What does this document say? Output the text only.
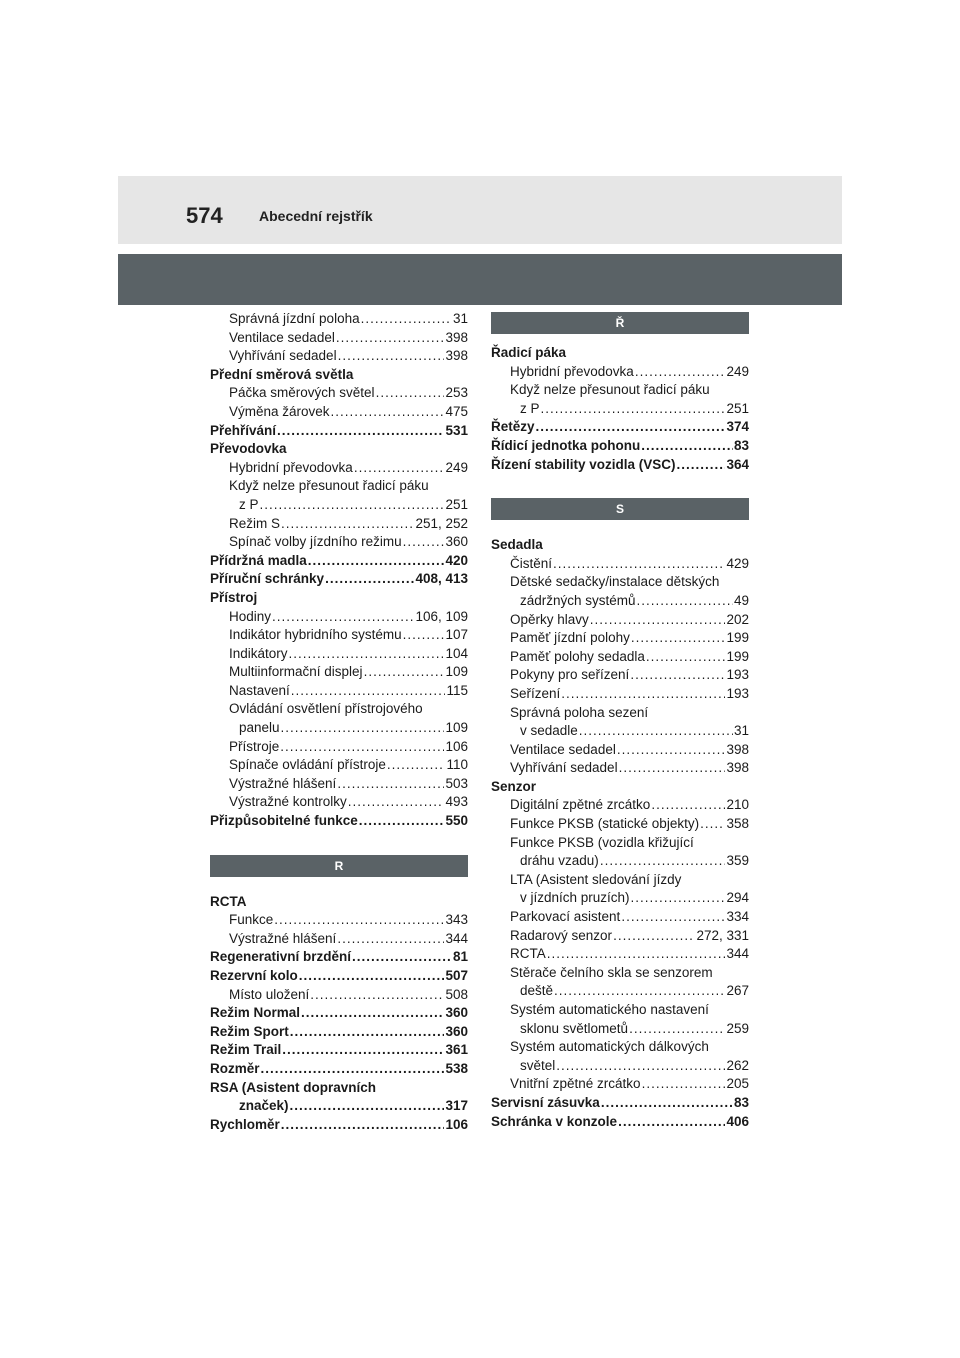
574	Abecední rejstřík
Správná jízdní poloha .....	31
Ventilace sedadel .....	398
Vyhřívání sedadel .....	398
Přední směrová světla
Páčka směrových světel .....	253
Výměna žárovek .....	475
Přehřívání .....	531
Převodovka
Hybridní převodovka .....	249
Když nelze přesunout řadicí páku
z P .....	251
Režim S .....	251, 252
Spínač volby jízdního režimu .....	360
Přídržná madla .....	420
Příruční schránky .....	408, 413
Přístroj
Hodiny .....	106, 109
Indikátor hybridního systému .....	107
Indikátory .....	104
Multiinformační displej .....	109
Nastavení .....	115
Ovládání osvětlení přístrojového
panelu .....	109
Přístroje .....	106
Spínače ovládání přístroje .....	110
Výstražné hlášení .....	503
Výstražné kontrolky .....	493
Přizpůsobitelné funkce .....	550
R
RCTA
Funkce .....	343
Výstražné hlášení .....	344
Regenerativní brzdění .....	81
Rezervní kolo .....	507
Místo uložení .....	508
Režim Normal .....	360
Režim Sport .....	360
Režim Trail .....	361
Rozměr .....	538
RSA (Asistent dopravních
značek) .....	317
Rychloměr .....	106
Ř
Řadicí páka
Hybridní převodovka .....	249
Když nelze přesunout řadicí páku
z P .....	251
Řetězy .....	374
Řídicí jednotka pohonu .....	83
Řízení stability vozidla (VSC) .....	364
S
Sedadla
Čistění .....	429
Dětské sedačky/instalace dětských
zádržných systémů .....	49
Opěrky hlavy .....	202
Paměť jízdní polohy .....	199
Paměť polohy sedadla .....	199
Pokyny pro seřízení .....	193
Seřízení .....	193
Správná poloha sezení
v sedadle .....	31
Ventilace sedadel .....	398
Vyhřívání sedadel .....	398
Senzor
Digitální zpětné zrcátko .....	210
Funkce PKSB (statické objekty) ..... 358
Funkce PKSB (vozidla křižující
dráhu vzadu) .....	359
LTA (Asistent sledování jízdy
v jízdních pruzích) .....	294
Parkovací asistent .....	334
Radarový senzor .....	272, 331
RCTA .....	344
Stěrače čelního skla se senzorem
deště .....	267
Systém automatického nastavení
sklonu světlometů .....	259
Systém automatických dálkových
světel .....	262
Vnitřní zpětné zrcátko .....	205
Servisní zásuvka .....	83
Schránka v konzole .....	406
